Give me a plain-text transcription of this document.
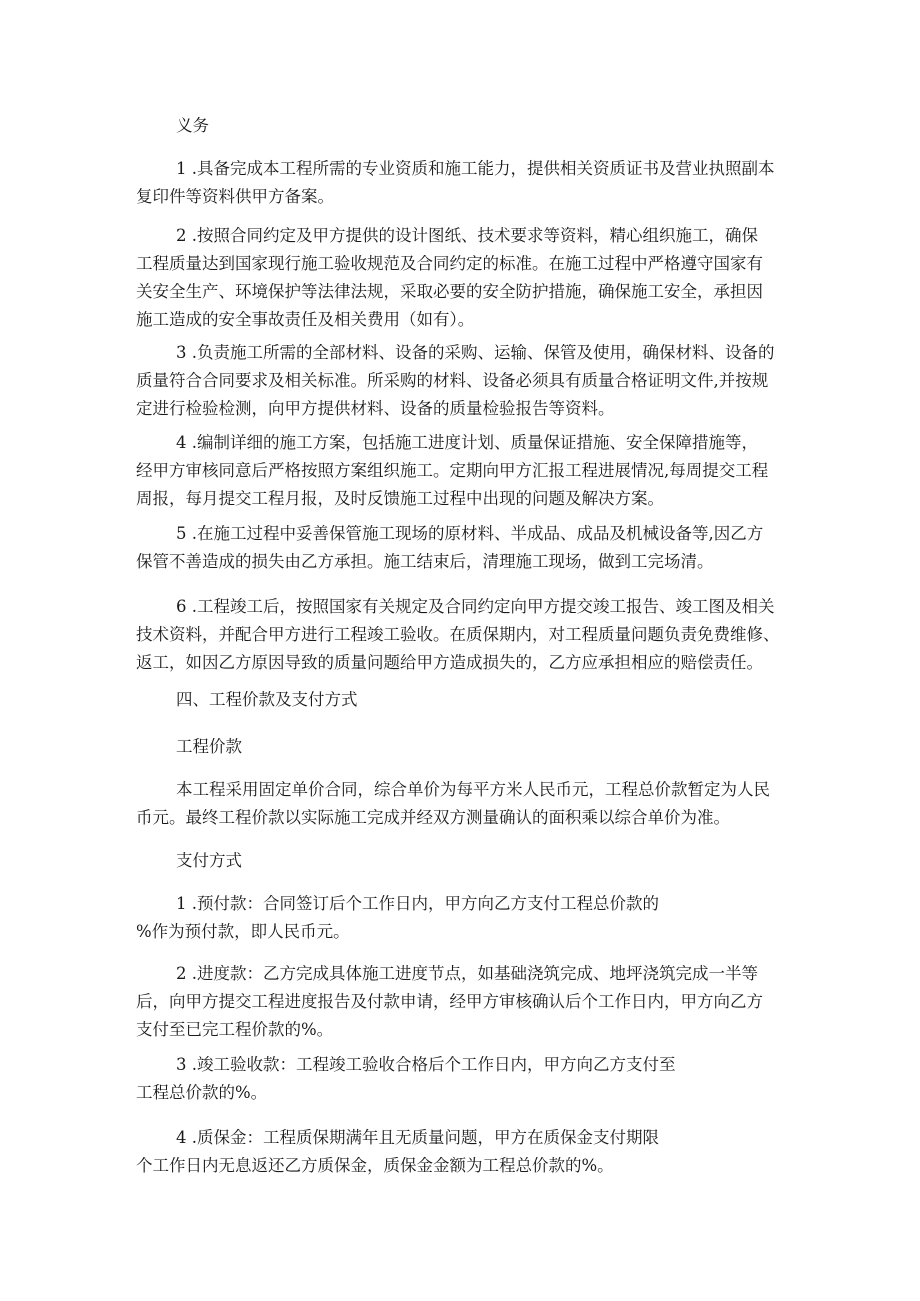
义务

1 .具备完成本工程所需的专业资质和施工能力，提供相关资质证书及营业执照副本
复印件等资料供甲方备案。

2 .按照合同约定及甲方提供的设计图纸、技术要求等资料，精心组织施工，确保
工程质量达到国家现行施工验收规范及合同约定的标准。在施工过程中严格遵守国家有
关安全生产、环境保护等法律法规，采取必要的安全防护措施，确保施工安全，承担因
施工造成的安全事故责任及相关费用（如有）。

3 .负责施工所需的全部材料、设备的采购、运输、保管及使用，确保材料、设备的
质量符合合同要求及相关标准。所采购的材料、设备必须具有质量合格证明文件,并按规
定进行检验检测，向甲方提供材料、设备的质量检验报告等资料。

4 .编制详细的施工方案，包括施工进度计划、质量保证措施、安全保障措施等，
经甲方审核同意后严格按照方案组织施工。定期向甲方汇报工程进展情况,每周提交工程
周报，每月提交工程月报，及时反馈施工过程中出现的问题及解决方案。

5 .在施工过程中妥善保管施工现场的原材料、半成品、成品及机械设备等,因乙方
保管不善造成的损失由乙方承担。施工结束后，清理施工现场，做到工完场清。

6 .工程竣工后，按照国家有关规定及合同约定向甲方提交竣工报告、竣工图及相关
技术资料，并配合甲方进行工程竣工验收。在质保期内，对工程质量问题负责免费维修、
返工，如因乙方原因导致的质量问题给甲方造成损失的，乙方应承担相应的赔偿责任。

四、工程价款及支付方式

工程价款

本工程采用固定单价合同，综合单价为每平方米人民币元，工程总价款暂定为人民
币元。最终工程价款以实际施工完成并经双方测量确认的面积乘以综合单价为准。

支付方式

1 .预付款：合同签订后个工作日内，甲方向乙方支付工程总价款的
%作为预付款，即人民币元。

2 .进度款：乙方完成具体施工进度节点，如基础浇筑完成、地坪浇筑完成一半等
后，向甲方提交工程进度报告及付款申请，经甲方审核确认后个工作日内，甲方向乙方
支付至已完工程价款的%。

3 .竣工验收款：工程竣工验收合格后个工作日内，甲方向乙方支付至
工程总价款的%。

4 .质保金：工程质保期满年且无质量问题，甲方在质保金支付期限
个工作日内无息返还乙方质保金，质保金金额为工程总价款的%。
